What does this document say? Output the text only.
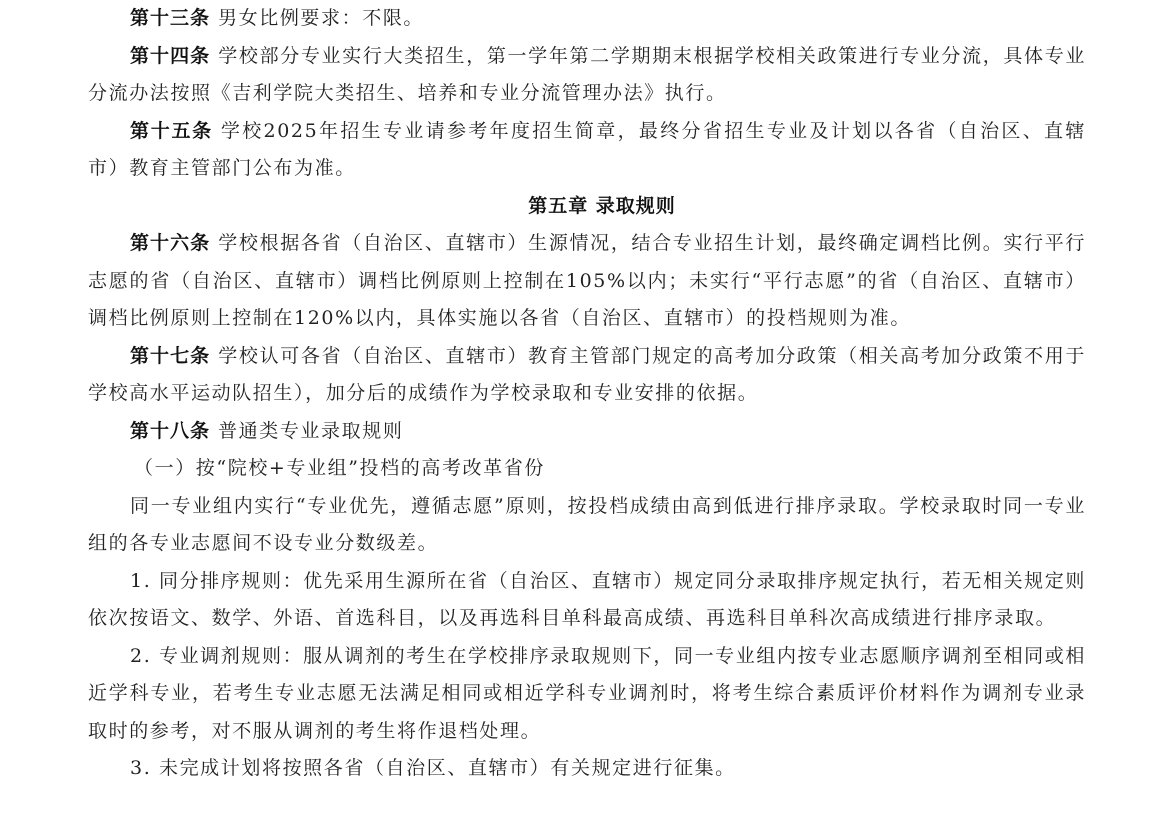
第十三条 男女比例要求：不限。

第十四条 学校部分专业实行大类招生，第一学年第二学期期末根据学校相关政策进行专业分流，具体专业分流办法按照《吉利学院大类招生、培养和专业分流管理办法》执行。

第十五条 学校2025年招生专业请参考年度招生简章，最终分省招生专业及计划以各省（自治区、直辖市）教育主管部门公布为准。

第五章 录取规则

第十六条 学校根据各省（自治区、直辖市）生源情况，结合专业招生计划，最终确定调档比例。实行平行志愿的省（自治区、直辖市）调档比例原则上控制在105%以内；未实行“平行志愿”的省（自治区、直辖市）调档比例原则上控制在120%以内，具体实施以各省（自治区、直辖市）的投档规则为准。

第十七条 学校认可各省（自治区、直辖市）教育主管部门规定的高考加分政策（相关高考加分政策不用于学校高水平运动队招生），加分后的成绩作为学校录取和专业安排的依据。

第十八条 普通类专业录取规则

（一）按“院校+专业组”投档的高考改革省份

同一专业组内实行“专业优先，遵循志愿”原则，按投档成绩由高到低进行排序录取。学校录取时同一专业组的各专业志愿间不设专业分数级差。

1. 同分排序规则：优先采用生源所在省（自治区、直辖市）规定同分录取排序规定执行，若无相关规定则依次按语文、数学、外语、首选科目，以及再选科目单科最高成绩、再选科目单科次高成绩进行排序录取。

2. 专业调剂规则：服从调剂的考生在学校排序录取规则下，同一专业组内按专业志愿顺序调剂至相同或相近学科专业，若考生专业志愿无法满足相同或相近学科专业调剂时，将考生综合素质评价材料作为调剂专业录取时的参考，对不服从调剂的考生将作退档处理。

3. 未完成计划将按照各省（自治区、直辖市）有关规定进行征集。
